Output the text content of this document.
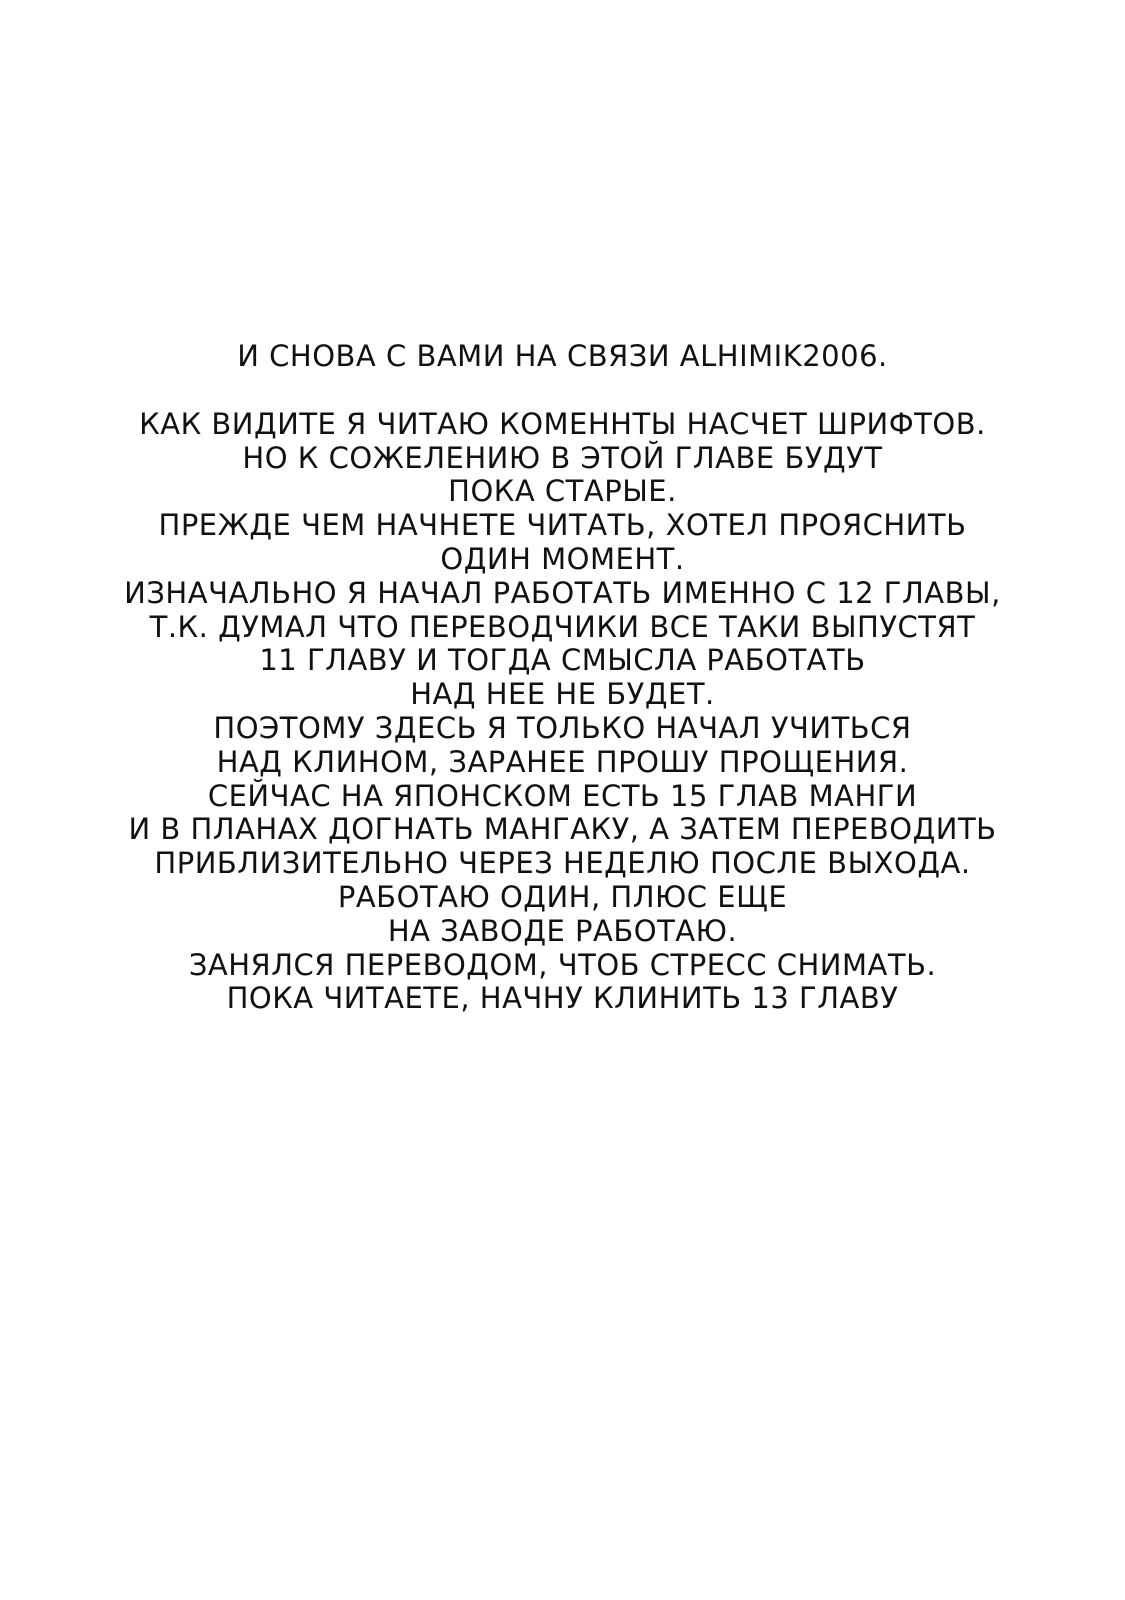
И СНОВА С ВАМИ НА СВЯЗИ ALHIMIK2006.

КАК ВИДИТЕ Я ЧИТАЮ КОМЕННТЫ НАСЧЕТ ШРИФТОВ.

НО К СОЖЕЛЕНИЮ В ЭТОЙ ГЛАВЕ БУДУТ

ПОКА СТАРЫЕ.

ПРЕЖДЕ ЧЕМ НАЧНЕТЕ ЧИТАТЬ, ХОТЕЛ ПРОЯСНИТЬ

ОДИН МОМЕНТ.

ИЗНАЧАЛЬНО Я НАЧАЛ РАБОТАТЬ ИМЕННО С 12 ГЛАВЫ,

Т.К. ДУМАЛ ЧТО ПЕРЕВОДЧИКИ ВСЕ ТАКИ ВЫПУСТЯТ

11 ГЛАВУ И ТОГДА СМЫСЛА РАБОТАТЬ

НАД НЕЕ НЕ БУДЕТ.

ПОЭТОМУ ЗДЕСЬ Я ТОЛЬКО НАЧАЛ УЧИТЬСЯ

НАД КЛИНОМ, ЗАРАНЕЕ ПРОШУ ПРОЩЕНИЯ.

СЕЙЧАС НА ЯПОНСКОМ ЕСТЬ 15 ГЛАВ МАНГИ

И В ПЛАНАХ ДОГНАТЬ МАНГАКУ, А ЗАТЕМ ПЕРЕВОДИТЬ

ПРИБЛИЗИТЕЛЬНО ЧЕРЕЗ НЕДЕЛЮ ПОСЛЕ ВЫХОДА.

РАБОТАЮ ОДИН, ПЛЮС ЕЩЕ

НА ЗАВОДЕ РАБОТАЮ.

ЗАНЯЛСЯ ПЕРЕВОДОМ, ЧТОБ СТРЕСС СНИМАТЬ.

ПОКА ЧИТАЕТЕ, НАЧНУ КЛИНИТЬ 13 ГЛАВУ
